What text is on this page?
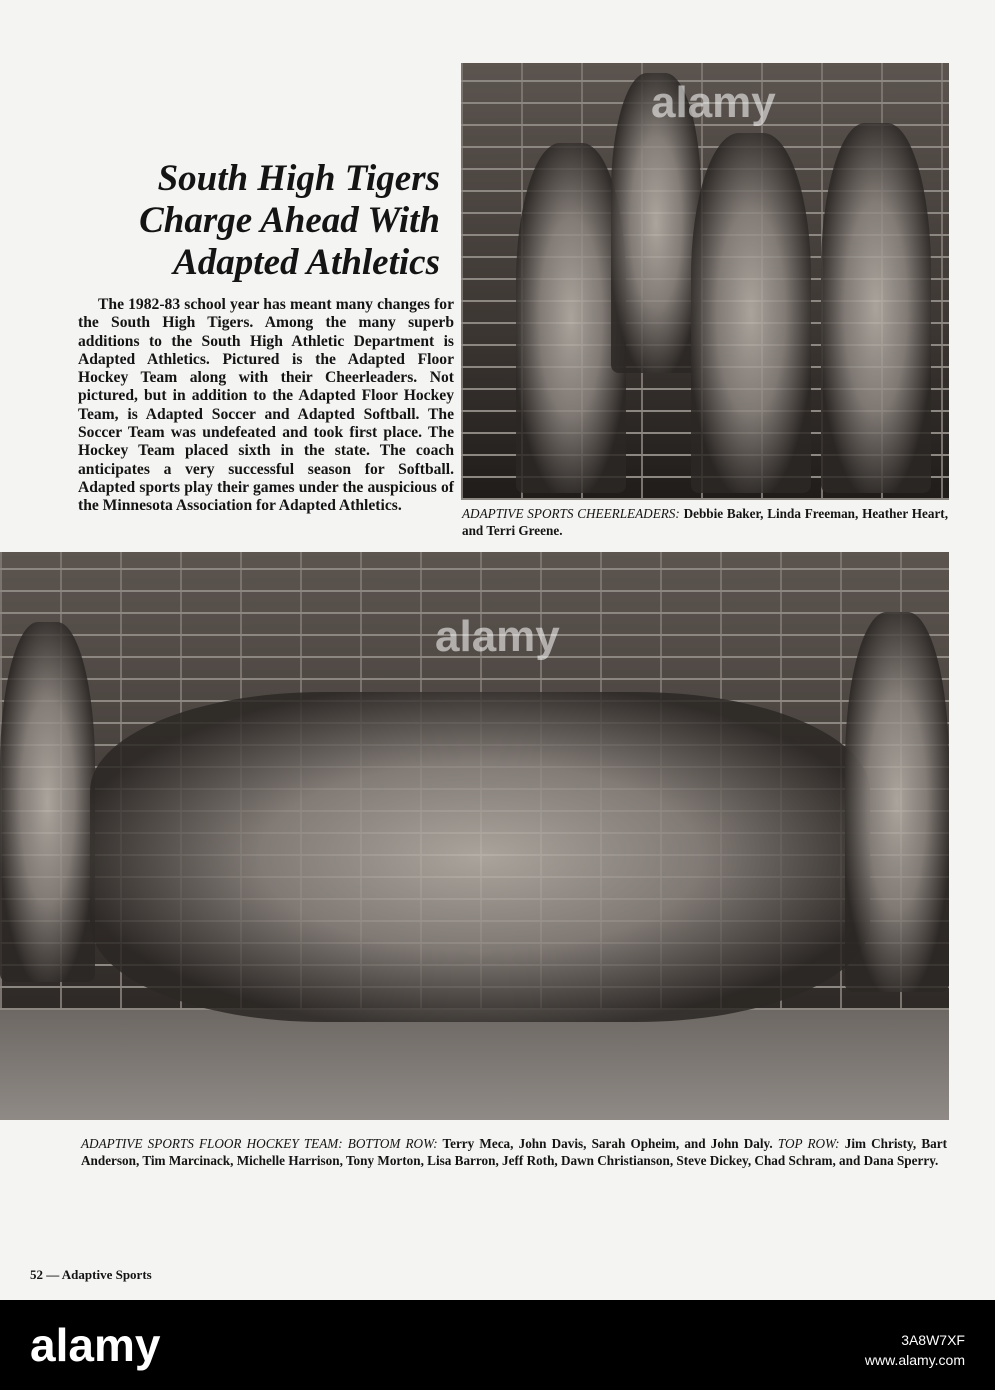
South High Tigers Charge Ahead With Adapted Athletics
The 1982-83 school year has meant many changes for the South High Tigers. Among the many superb additions to the South High Athletic Department is Adapted Athletics. Pictured is the Adapted Floor Hockey Team along with their Cheerleaders. Not pictured, but in addition to the Adapted Floor Hockey Team, is Adapted Soccer and Adapted Softball. The Soccer Team was undefeated and took first place. The Hockey Team placed sixth in the state. The coach anticipates a very successful season for Softball. Adapted sports play their games under the auspicious of the Minnesota Association for Adapted Athletics.
alamy
ADAPTIVE SPORTS CHEERLEADERS: Debbie Baker, Linda Freeman, Heather Heart, and Terri Greene.
alamy
ADAPTIVE SPORTS FLOOR HOCKEY TEAM: BOTTOM ROW: Terry Meca, John Davis, Sarah Opheim, and John Daly. TOP ROW: Jim Christy, Bart Anderson, Tim Marcinack, Michelle Harrison, Tony Morton, Lisa Barron, Jeff Roth, Dawn Christianson, Steve Dickey, Chad Schram, and Dana Sperry.
52 — Adaptive Sports
alamy	3A8W7XF
www.alamy.com
